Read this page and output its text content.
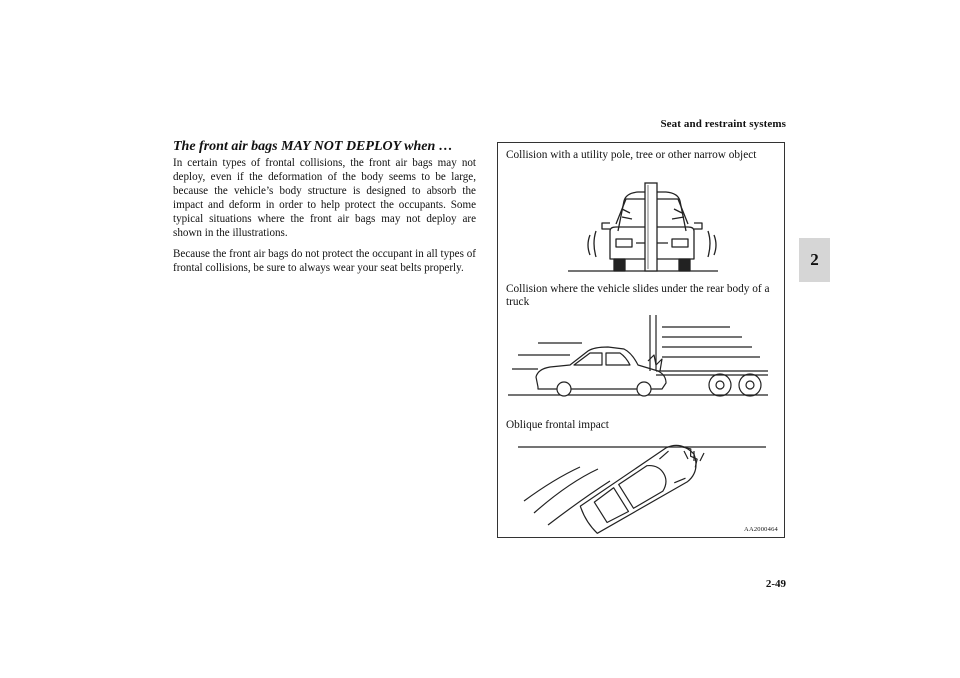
Seat and restraint systems
2
2-49
The front air bags MAY NOT DEPLOY when …

In certain types of frontal collisions, the front air bags may not deploy, even if the deformation of the body seems to be large, because the vehicle’s body structure is designed to absorb the impact and deform in order to help protect the occupants. Some typical situations where the front air bags may not deploy are shown in the illustrations.

Because the front air bags do not protect the occupant in all types of frontal collisions, be sure to always wear your seat belts properly.

Collision with a utility pole, tree or other narrow object
Collision where the vehicle slides under the rear body of a truck
Oblique frontal impact
AA2000464
